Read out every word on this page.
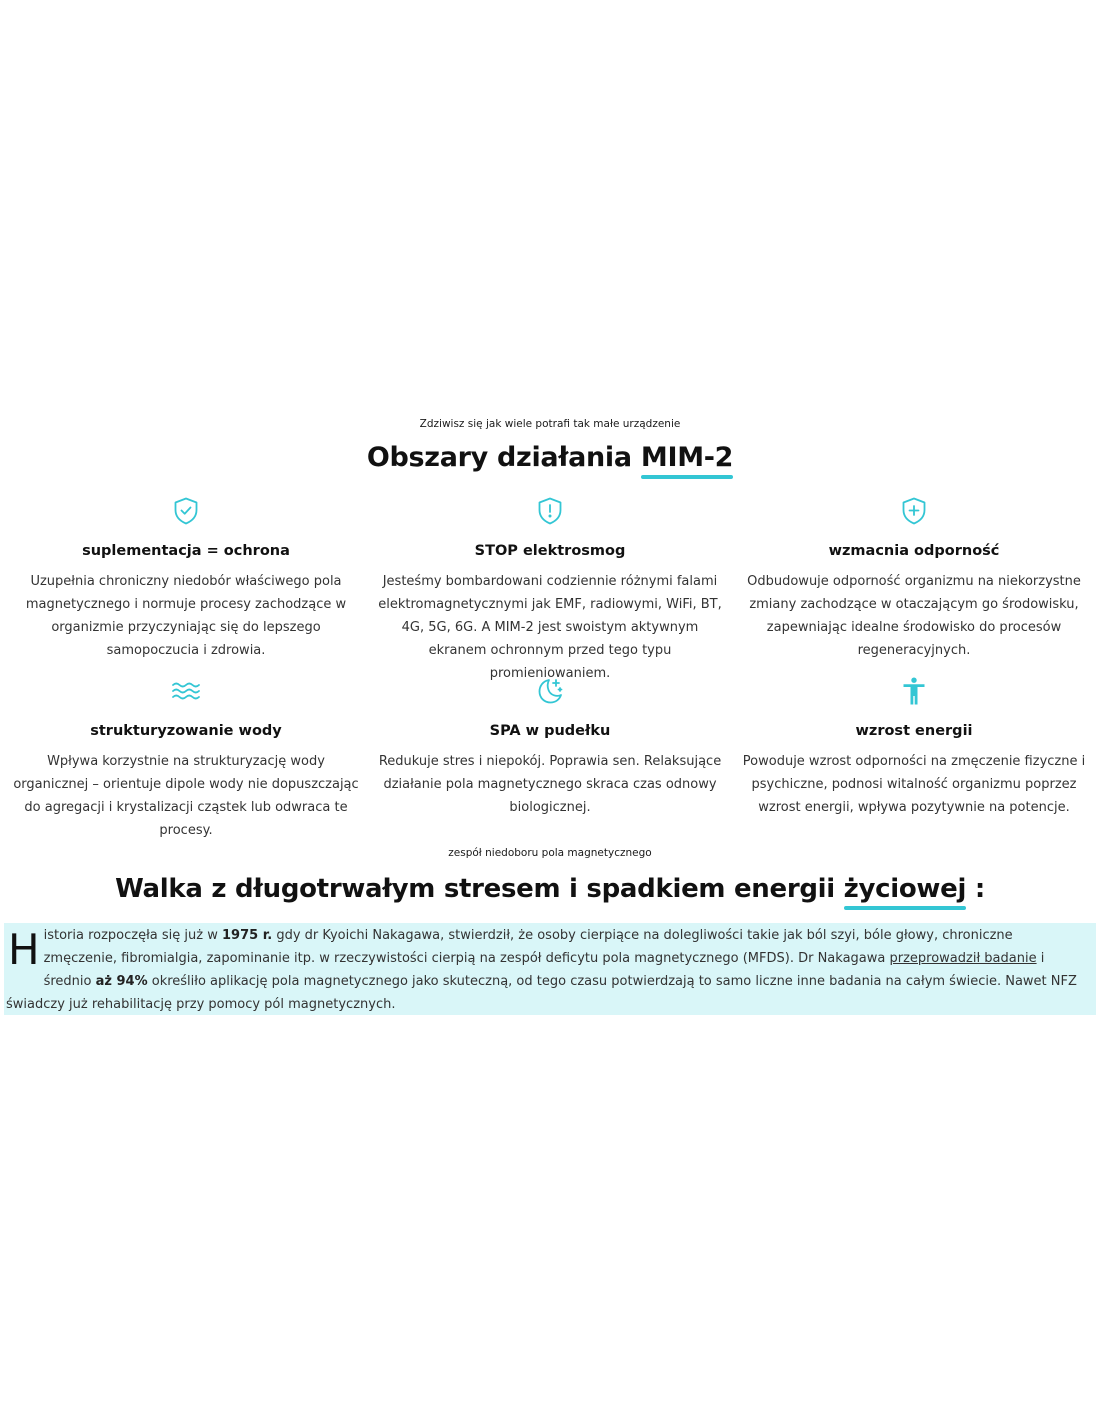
Zdziwisz się jak wiele potrafi tak małe urządzenie

Obszary działania MIM-2
suplementacja = ochrona
Uzupełnia chroniczny niedobór właściwego pola magnetycznego i normuje procesy zachodzące w organizmie przyczyniając się do lepszego samopoczucia i zdrowia.
STOP elektrosmog
Jesteśmy bombardowani codziennie różnymi falami elektromagnetycznymi jak EMF, radiowymi, WiFi, BT, 4G, 5G, 6G. A MIM-2 jest swoistym aktywnym ekranem ochronnym przed tego typu promieniowaniem.
wzmacnia odporność
Odbudowuje odporność organizmu na niekorzystne zmiany zachodzące w otaczającym go środowisku, zapewniając idealne środowisko do procesów regeneracyjnych.
strukturyzowanie wody
Wpływa korzystnie na strukturyzację wody organicznej – orientuje dipole wody nie dopuszczając do agregacji i krystalizacji cząstek lub odwraca te procesy.
SPA w pudełku
Redukuje stres i niepokój. Poprawia sen. Relaksujące działanie pola magnetycznego skraca czas odnowy biologicznej.
wzrost energii
Powoduje wzrost odporności na zmęczenie fizyczne i psychiczne, podnosi witalność organizmu poprzez wzrost energii, wpływa pozytywnie na potencje.

zespół niedoboru pola magnetycznego

Walka z długotrwałym stresem i spadkiem energii życiowej :
Historia rozpoczęła się już w 1975 r. gdy dr Kyoichi Nakagawa, stwierdził, że osoby cierpiące na dolegliwości takie jak ból szyi, bóle głowy, chroniczne zmęczenie, fibromialgia, zapominanie itp. w rzeczywistości cierpią na zespół deficytu pola magnetycznego (MFDS). Dr Nakagawa przeprowadził badanie i średnio aż 94% określiło aplikację pola magnetycznego jako skuteczną, od tego czasu potwierdzają to samo liczne inne badania na całym świecie. Nawet NFZ świadczy już rehabilitację przy pomocy pól magnetycznych.
